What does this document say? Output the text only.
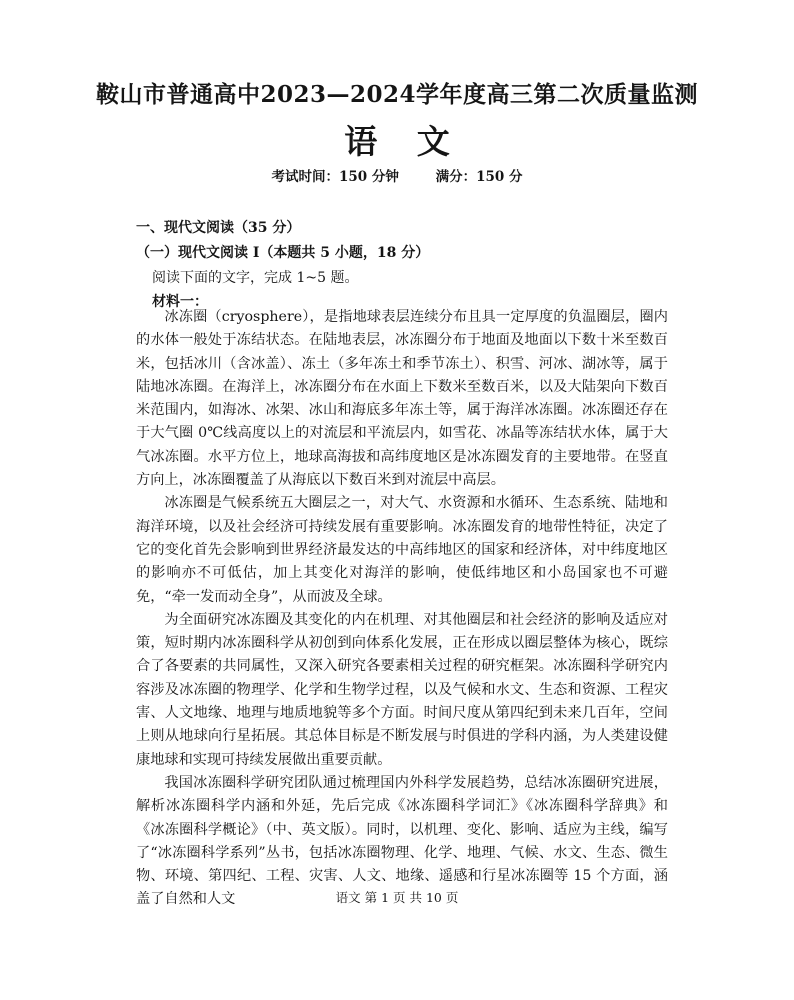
鞍山市普通高中2023—2024学年度高三第二次质量监测
语 文
考试时间：150 分钟	满分：150 分
一、现代文阅读（35 分）
（一）现代文阅读 I（本题共 5 小题，18 分）
阅读下面的文字，完成 1~5 题。
材料一：

冰冻圈（cryosphere），是指地球表层连续分布且具一定厚度的负温圈层，圈内的水体一般处于冻结状态。在陆地表层，冰冻圈分布于地面及地面以下数十米至数百米，包括冰川（含冰盖）、冻土（多年冻土和季节冻土）、积雪、河冰、湖冰等，属于陆地冰冻圈。在海洋上，冰冻圈分布在水面上下数米至数百米，以及大陆架向下数百米范围内，如海冰、冰架、冰山和海底多年冻土等，属于海洋冰冻圈。冰冻圈还存在于大气圈 0℃线高度以上的对流层和平流层内，如雪花、冰晶等冻结状水体，属于大气冰冻圈。水平方位上，地球高海拔和高纬度地区是冰冻圈发育的主要地带。在竖直方向上，冰冻圈覆盖了从海底以下数百米到对流层中高层。

冰冻圈是气候系统五大圈层之一，对大气、水资源和水循环、生态系统、陆地和海洋环境，以及社会经济可持续发展有重要影响。冰冻圈发育的地带性特征，决定了它的变化首先会影响到世界经济最发达的中高纬地区的国家和经济体，对中纬度地区的影响亦不可低估，加上其变化对海洋的影响，使低纬地区和小岛国家也不可避免，“牵一发而动全身”，从而波及全球。

为全面研究冰冻圈及其变化的内在机理、对其他圈层和社会经济的影响及适应对策，短时期内冰冻圈科学从初创到向体系化发展，正在形成以圈层整体为核心，既综合了各要素的共同属性，又深入研究各要素相关过程的研究框架。冰冻圈科学研究内容涉及冰冻圈的物理学、化学和生物学过程，以及气候和水文、生态和资源、工程灾害、人文地缘、地理与地质地貌等多个方面。时间尺度从第四纪到未来几百年，空间上则从地球向行星拓展。其总体目标是不断发展与时俱进的学科内涵，为人类建设健康地球和实现可持续发展做出重要贡献。

我国冰冻圈科学研究团队通过梳理国内外科学发展趋势，总结冰冻圈研究进展，解析冰冻圈科学内涵和外延，先后完成《冰冻圈科学词汇》《冰冻圈科学辞典》和《冰冻圈科学概论》（中、英文版）。同时，以机理、变化、影响、适应为主线，编写了“冰冻圈科学系列”丛书，包括冰冻圈物理、化学、地理、气候、水文、生态、微生物、环境、第四纪、工程、灾害、人文、地缘、遥感和行星冰冻圈等 15 个方面，涵盖了自然和人文	语文 第 1 页 共 10 页
